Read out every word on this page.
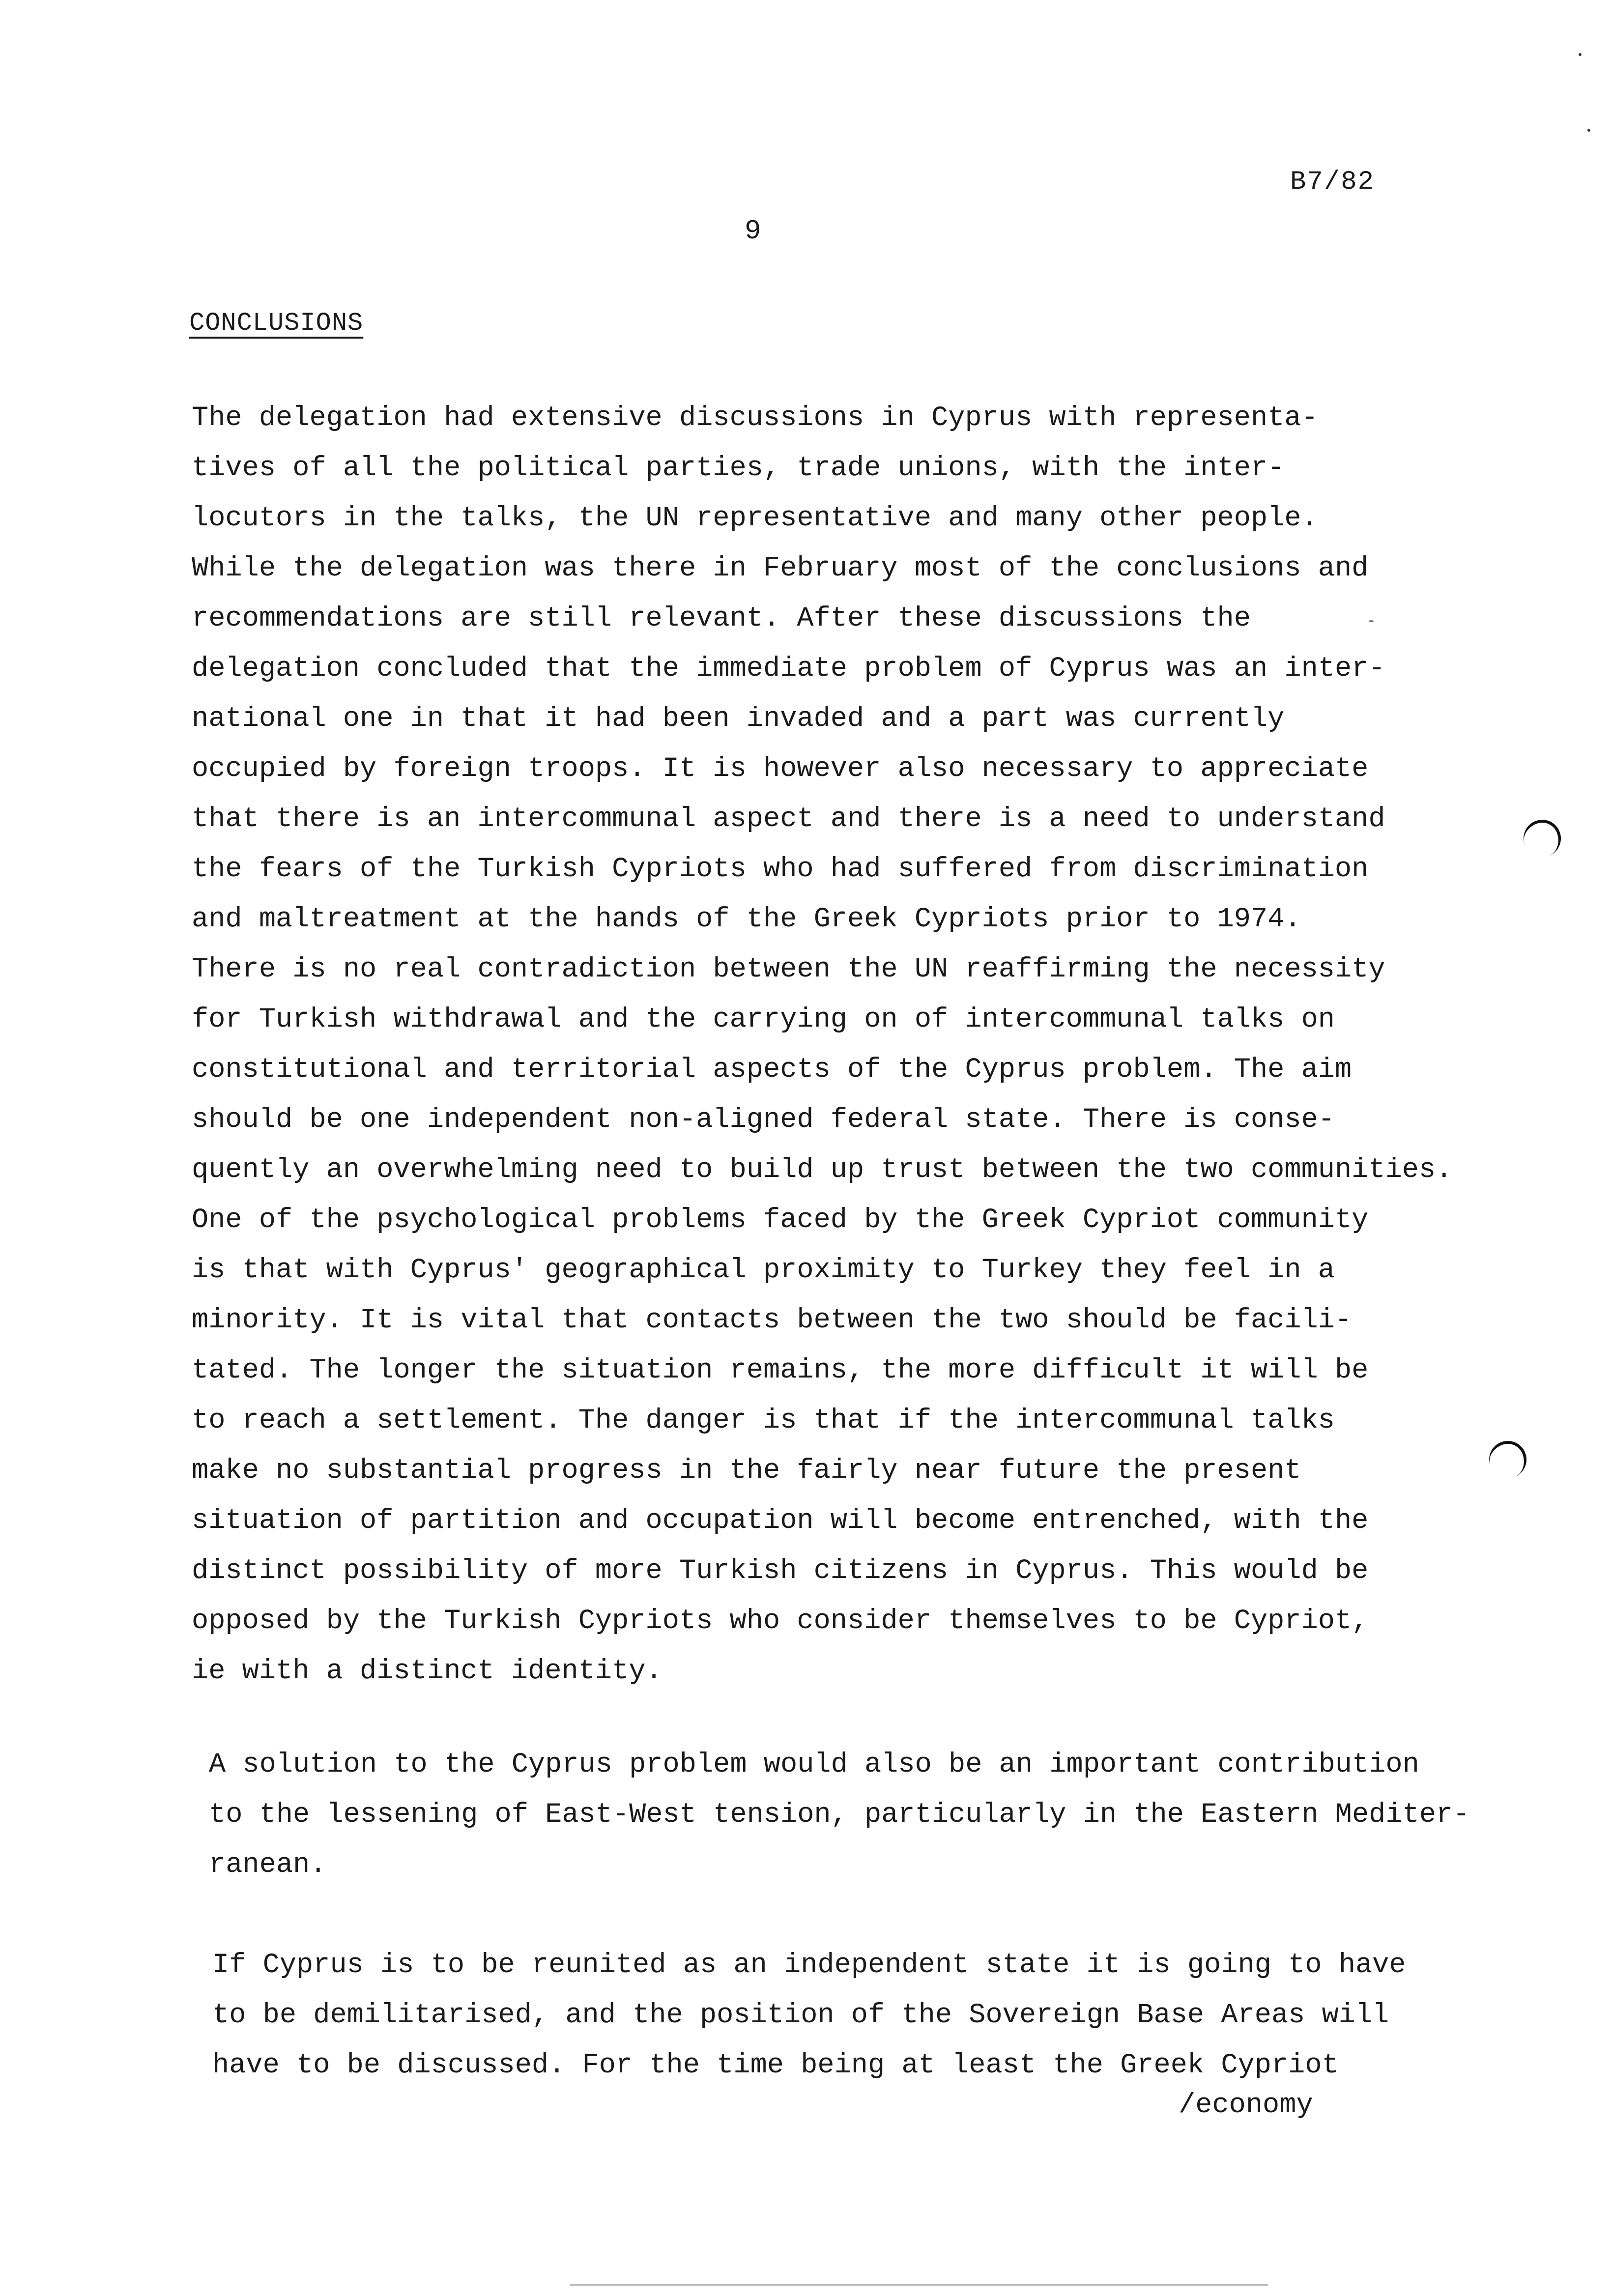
B7/82
9
CONCLUSIONS

The delegation had extensive discussions in Cyprus with representa-
tives of all the political parties, trade unions, with the inter-
locutors in the talks, the UN representative and many other people.
While the delegation was there in February most of the conclusions and
recommendations are still relevant. After these discussions the
delegation concluded that the immediate problem of Cyprus was an inter-
national one in that it had been invaded and a part was currently
occupied by foreign troops. It is however also necessary to appreciate
that there is an intercommunal aspect and there is a need to understand
the fears of the Turkish Cypriots who had suffered from discrimination
and maltreatment at the hands of the Greek Cypriots prior to 1974.
There is no real contradiction between the UN reaffirming the necessity
for Turkish withdrawal and the carrying on of intercommunal talks on
constitutional and territorial aspects of the Cyprus problem. The aim
should be one independent non-aligned federal state. There is conse-
quently an overwhelming need to build up trust between the two communities.
One of the psychological problems faced by the Greek Cypriot community
is that with Cyprus' geographical proximity to Turkey they feel in a
minority. It is vital that contacts between the two should be facili-
tated. The longer the situation remains, the more difficult it will be
to reach a settlement. The danger is that if the intercommunal talks
make no substantial progress in the fairly near future the present
situation of partition and occupation will become entrenched, with the
distinct possibility of more Turkish citizens in Cyprus. This would be
opposed by the Turkish Cypriots who consider themselves to be Cypriot,
ie with a distinct identity.

A solution to the Cyprus problem would also be an important contribution
to the lessening of East-West tension, particularly in the Eastern Mediter-
ranean.

If Cyprus is to be reunited as an independent state it is going to have
to be demilitarised, and the position of the Sovereign Base Areas will
have to be discussed. For the time being at least the Greek Cypriot

/economy
